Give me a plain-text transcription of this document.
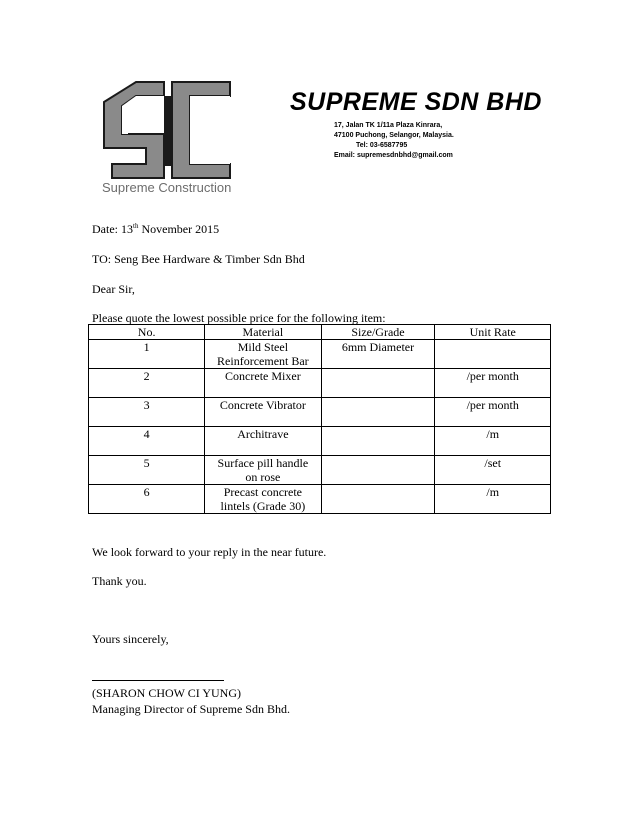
Supreme Construction
SUPREME SDN BHD
17, Jalan TK 1/11a Plaza Kinrara,
47100 Puchong, Selangor, Malaysia.
Tel: 03-6587795
Email: supremesdnbhd@gmail.com
Date: 13th November 2015
TO: Seng Bee Hardware & Timber Sdn Bhd
Dear Sir,
Please quote the lowest possible price for the following item:
No.	Material	Size/Grade	Unit Rate
1	Mild Steel
Reinforcement Bar	6mm Diameter	
2	Concrete Mixer		/per month
3	Concrete Vibrator		/per month
4	Architrave		/m
5	Surface pill handle
on rose		/set
6	Precast concrete
lintels (Grade 30)		/m
We look forward to your reply in the near future.
Thank you.
Yours sincerely,
(SHARON CHOW CI YUNG)
Managing Director of Supreme Sdn Bhd.
